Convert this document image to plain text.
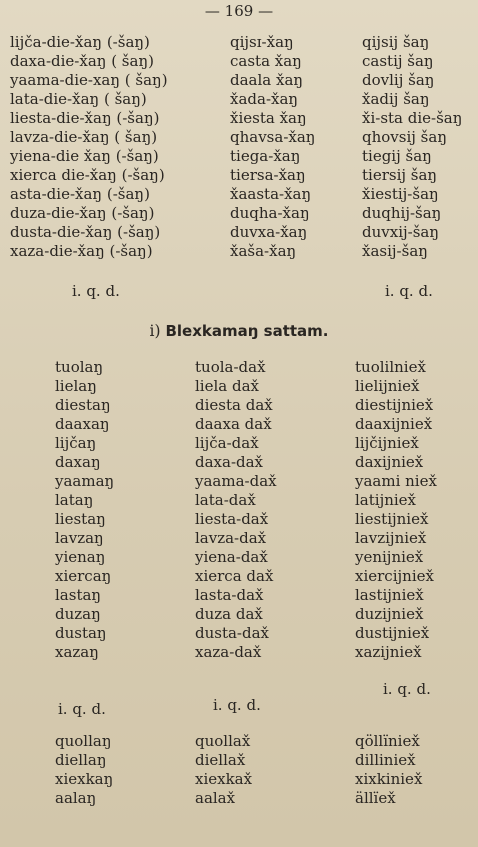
— 169 —
lijča-die-x̌aŋ (-šaŋ)	qijsɪ-x̌aŋ	qijsij šaŋ
daxa-die-x̌aŋ ( šaŋ)	casta x̌aŋ	castij šaŋ
yaama-die-xaŋ ( šaŋ)	daala x̌aŋ	dovlij šaŋ
lata-die-x̌aŋ ( šaŋ)	x̌ada-x̌aŋ	x̌adij šaŋ
liesta-die-x̌aŋ (-šaŋ)	x̌iesta x̌aŋ	x̌i-sta die-šaŋ
lavza-die-x̌aŋ ( šaŋ)	qhavsa-x̌aŋ	qhovsij šaŋ
yiena-die x̌aŋ (-šaŋ)	tiega-x̌aŋ	tiegij šaŋ
xierca die-x̌aŋ (-šaŋ)	tiersa-x̌aŋ	tiersij šaŋ
asta-die-x̌aŋ (-šaŋ)	x̌aasta-x̌aŋ	x̌iestij-šaŋ
duza-die-x̌aŋ (-šaŋ)	duqha-x̌aŋ	duqhij-šaŋ
dusta-die-x̌aŋ (-šaŋ)	duvxa-x̌aŋ	duvxij-šaŋ
xaza-die-x̌aŋ (-šaŋ)	x̌aša-x̌aŋ	x̌asij-šaŋ
i. q. d.	i. q. d.
i) Blexkamaŋ sattam.
tuolaŋ	tuola-dax̌	tuolilniex̌
lielaŋ	liela dax̌	lielijniex̌
diestaŋ	diesta dax̌	diestijniex̌
daaxaŋ	daaxa dax̌	daaxijniex̌
lijčaŋ	lijča-dax̌	lijčijniex̌
daxaŋ	daxa-dax̌	daxijniex̌
yaamaŋ	yaama-dax̌	yaami niex̌
lataŋ	lata-dax̌	latijniex̌
liestaŋ	liesta-dax̌	liestijniex̌
lavzaŋ	lavza-dax̌	lavzijniex̌
yienaŋ	yiena-dax̌	yenijniex̌
xiercaŋ	xierca dax̌	xiercijniex̌
lastaŋ	lasta-dax̌	lastijniex̌
duzaŋ	duza dax̌	duzijniex̌
dustaŋ	dusta-dax̌	dustijniex̌
xazaŋ	xaza-dax̌	xazijniex̌
i. q. d.
i. q. d.	i. q. d.
quollaŋ	quollax̌	qöllïniex̌
diellaŋ	diellax̌	dilliniex̌
xiexkaŋ	xiexkax̌	xixkiniex̌
aalaŋ	aalax̌	ällïex̌
